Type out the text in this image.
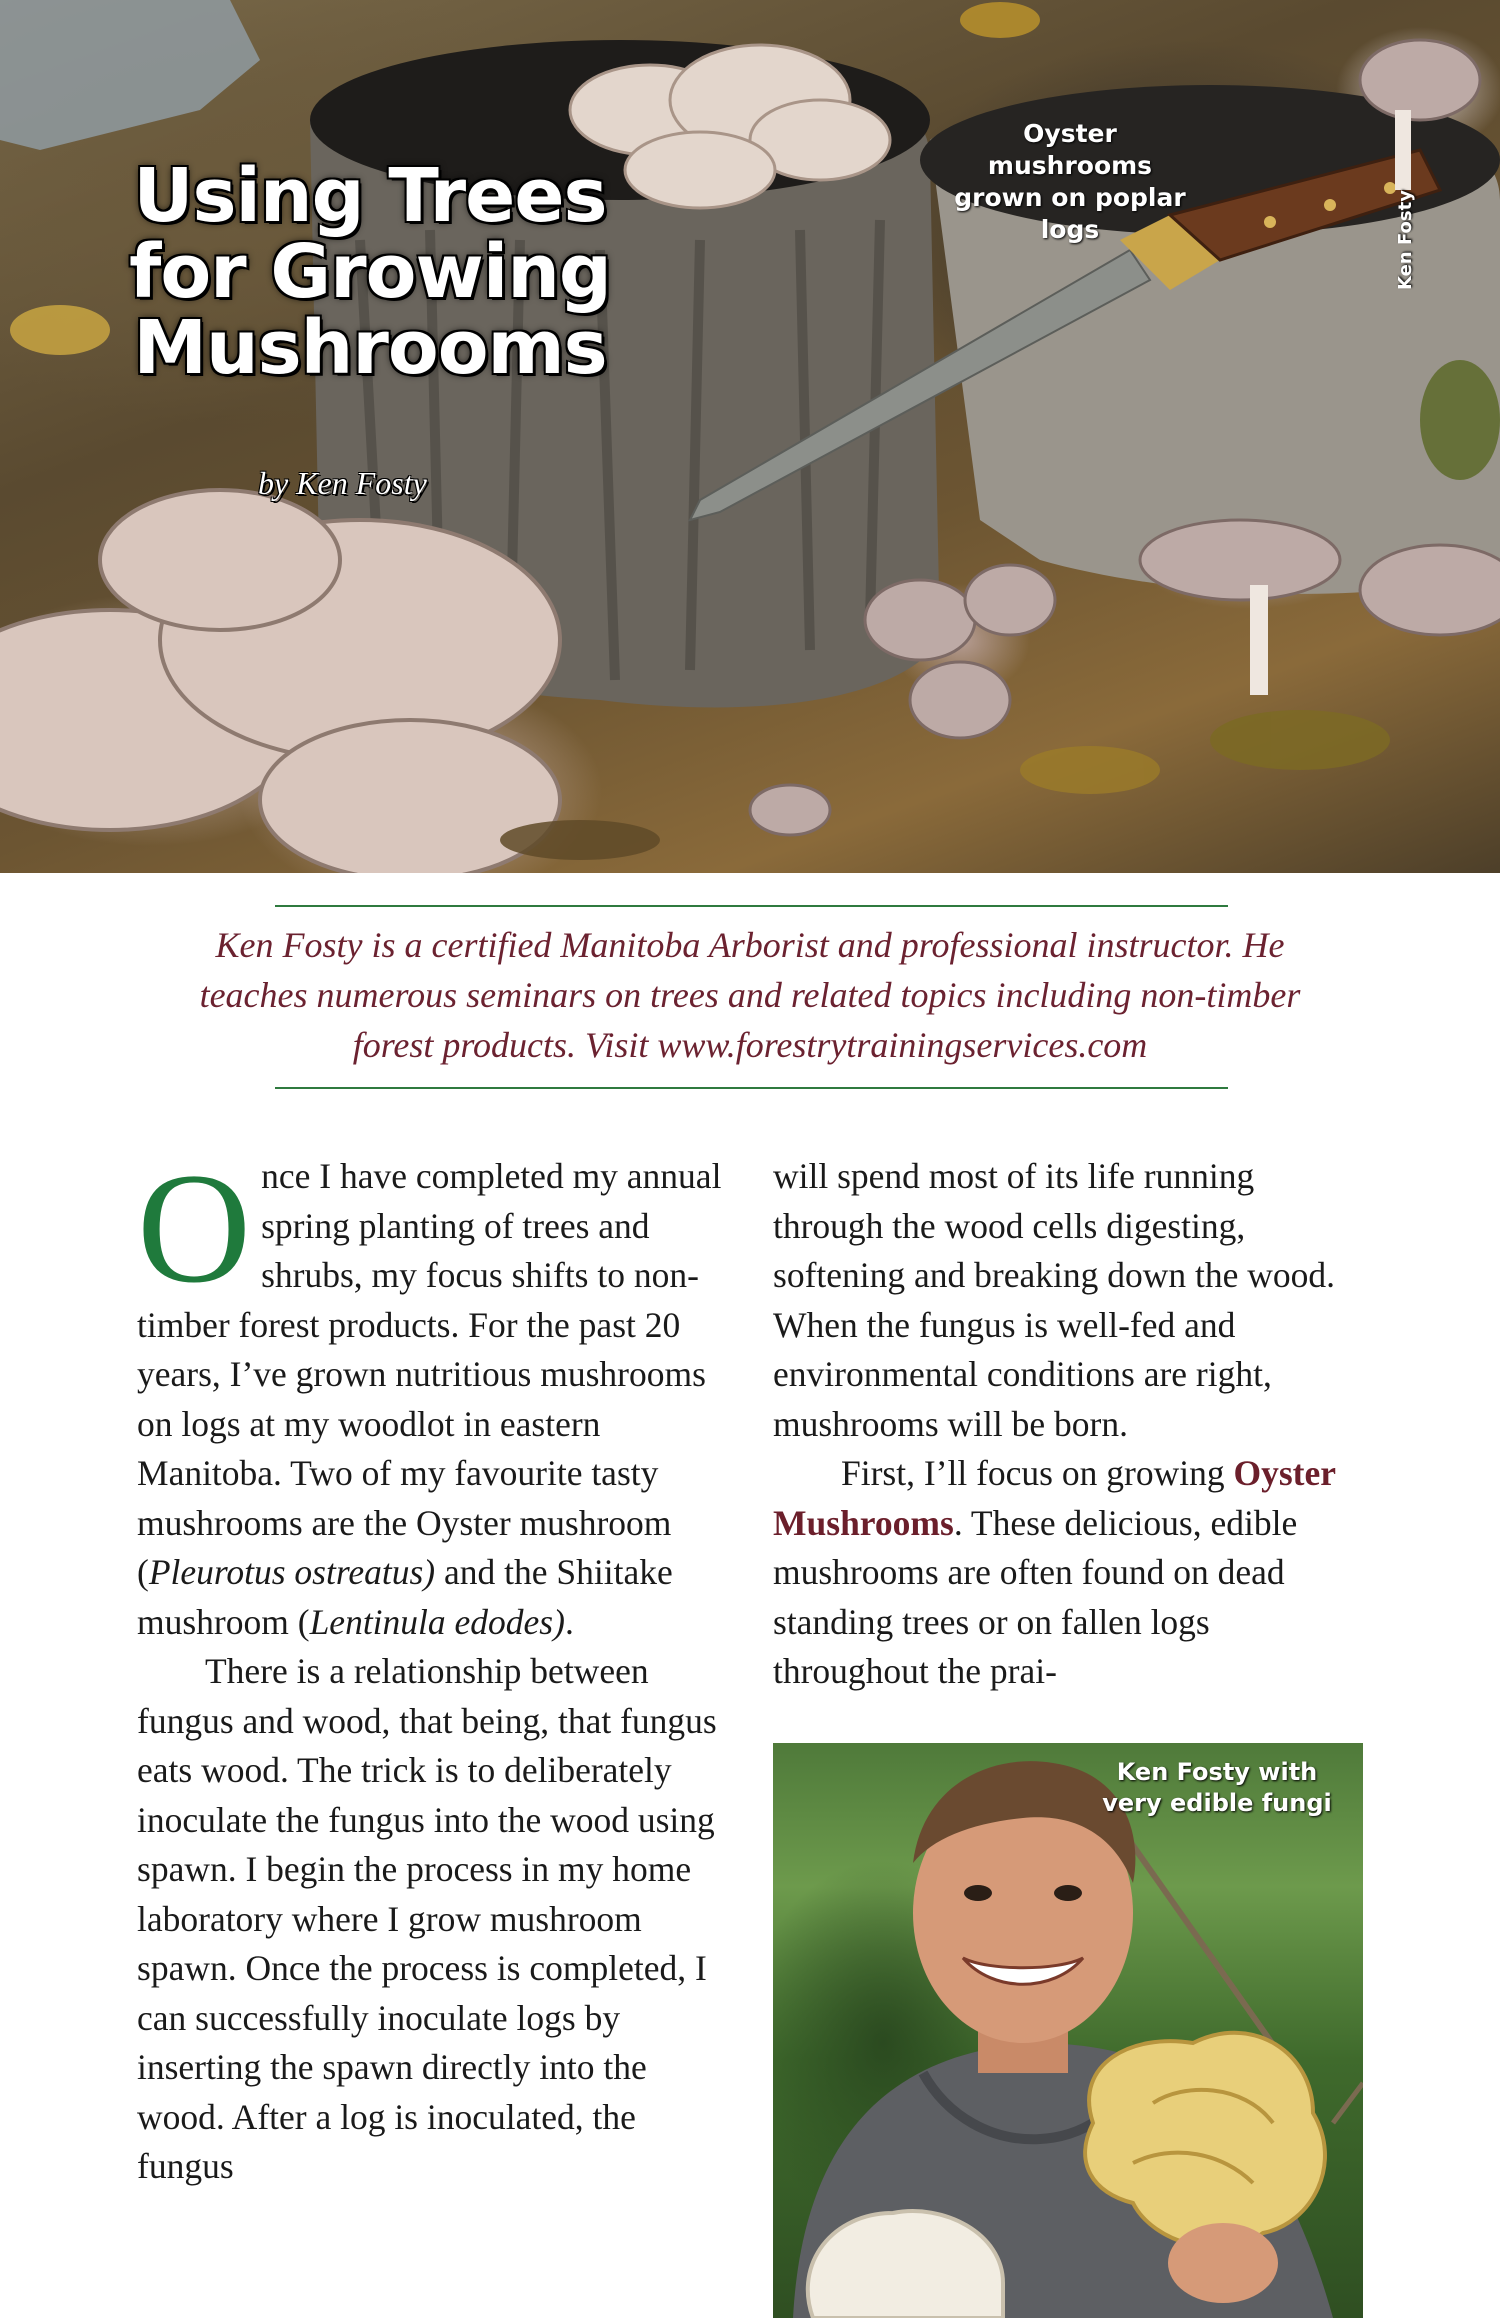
Using Trees
for Growing
Mushrooms
by Ken Fosty
Oyster
mushrooms
grown on poplar
logs	Ken Fosty

Ken Fosty is a certified Manitoba Arborist and professional instructor. He
teaches numerous seminars on trees and related topics including non-timber
forest products. Visit www.forestrytrainingservices.com

Once I have completed my annual spring planting of trees and shrubs, my focus shifts to non-timber forest products. For the past 20 years, I’ve grown nutritious mushrooms on logs at my woodlot in eastern Manitoba. Two of my favourite tasty mushrooms are the Oyster mushroom (Pleurotus ostreatus) and the Shiitake mushroom (Lentinula edodes).

There is a relationship between fungus and wood, that being, that fungus eats wood. The trick is to deliberately inoculate the fungus into the wood using spawn. I begin the process in my home laboratory where I grow mushroom spawn. Once the process is completed, I can successfully inoculate logs by inserting the spawn directly into the wood. After a log is inoculated, the fungus

will spend most of its life running through the wood cells digesting, softening and breaking down the wood. When the fungus is well-fed and environmental conditions are right, mushrooms will be born.

First, I’ll focus on growing Oyster Mushrooms. These delicious, edible mushrooms are often found on dead standing trees or on fallen logs throughout the prai-

Ken Fosty with
very edible fungi
